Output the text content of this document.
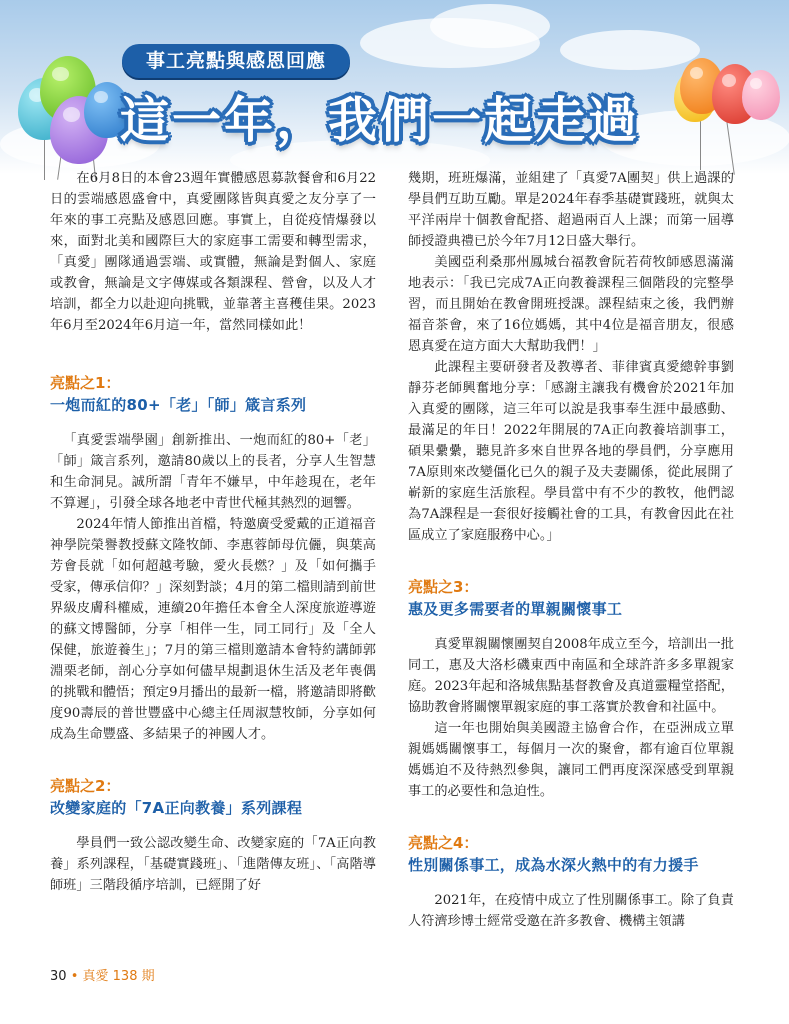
事工亮點與感恩回應
這一年，我們一起走過

在6月8日的本會23週年實體感恩募款餐會和6月22日的雲端感恩盛會中，真愛團隊皆與真愛之友分享了一年來的事工亮點及感恩回應。事實上，自從疫情爆發以來，面對北美和國際巨大的家庭事工需要和轉型需求，「真愛」團隊通過雲端、或實體，無論是對個人、家庭或教會，無論是文字傳媒或各類課程、營會，以及人才培訓，都全力以赴迎向挑戰，並靠著主喜穫佳果。2023年6月至2024年6月這一年，當然同樣如此！

亮點之1：
一炮而紅的80+「老」「師」箴言系列

「真愛雲端學園」創新推出、一炮而紅的80+「老」「師」箴言系列，邀請80歲以上的長者，分享人生智慧和生命洞見。誠所謂「青年不嫌早，中年趁現在，老年不算遲」，引發全球各地老中青世代極其熱烈的迴響。

2024年情人節推出首檔，特邀廣受愛戴的正道福音神學院榮譽教授蘇文隆牧師、李惠蓉師母伉儷，與葉高芳會長就「如何超越考驗，愛火長燃？」及「如何攜手受家，傳承信仰？」深刻對談；4月的第二檔則請到前世界級皮膚科權威，連續20年擔任本會全人深度旅遊導遊的蘇文博醫師，分享「相伴一生，同工同行」及「全人保健，旅遊養生」；7月的第三檔則邀請本會特約講師郭淵栗老師，剖心分享如何儘早規劃退休生活及老年喪偶的挑戰和體悟；預定9月播出的最新一檔，將邀請即將歡度90壽辰的普世豐盛中心總主任周淑慧牧師，分享如何成為生命豐盛、多結果子的神國人才。

亮點之2：
改變家庭的「7A正向教養」系列課程

學員們一致公認改變生命、改變家庭的「7A正向教養」系列課程，「基礎實踐班」、「進階傳友班」、「高階導師班」三階段循序培訓，已經開了好

幾期，班班爆滿，並組建了「真愛7A團契」供上過課的學員們互助互勵。單是2024年春季基礎實踐班，就與太平洋兩岸十個教會配搭、超過兩百人上課；而第一屆導師授證典禮已於今年7月12日盛大舉行。

美國亞利桑那州鳳城台福教會阮若荷牧師感恩滿滿地表示：「我已完成7A正向教養課程三個階段的完整學習，而且開始在教會開班授課。課程結束之後，我們辦福音茶會，來了16位媽媽，其中4位是福音朋友，很感恩真愛在這方面大大幫助我們！」

此課程主要研發者及教導者、菲律賓真愛總幹事劉靜芬老師興奮地分享：「感謝主讓我有機會於2021年加入真愛的團隊，這三年可以說是我事奉生涯中最感動、最滿足的年日！2022年開展的7A正向教養培訓事工，碩果纍纍，聽見許多來自世界各地的學員們，分享應用7A原則來改變僵化已久的親子及夫妻關係，從此展開了嶄新的家庭生活旅程。學員當中有不少的教牧，他們認為7A課程是一套很好接觸社會的工具，有教會因此在社區成立了家庭服務中心。」

亮點之3：
惠及更多需要者的單親關懷事工

真愛單親關懷團契自2008年成立至今，培訓出一批同工，惠及大洛杉磯東西中南區和全球許許多多單親家庭。2023年起和洛城焦點基督教會及真道靈糧堂搭配，協助教會將關懷單親家庭的事工落實於教會和社區中。

這一年也開始與美國證主協會合作，在亞洲成立單親媽媽關懷事工，每個月一次的聚會，都有逾百位單親媽媽迫不及待熱烈參與，讓同工們再度深深感受到單親事工的必要性和急迫性。

亮點之4：
性別關係事工，成為水深火熱中的有力援手

2021年，在疫情中成立了性別關係事工。除了負責人符濟珍博士經常受邀在許多教會、機構主領講

30 • 真愛 138 期
